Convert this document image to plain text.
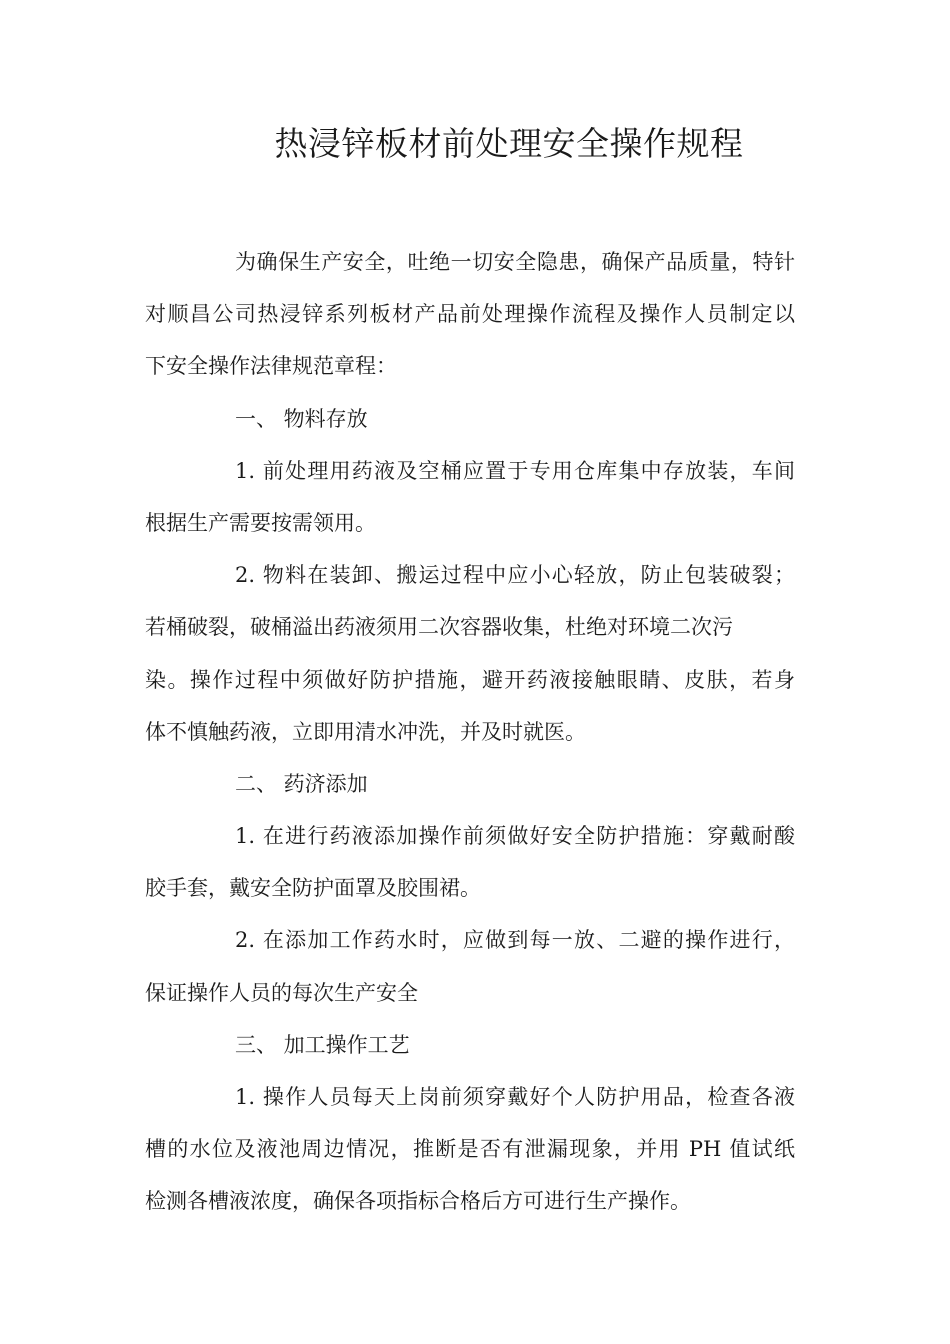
热浸锌板材前处理安全操作规程
为确保生产安全，吐绝一切安全隐患，确保产品质量，特针
对顺昌公司热浸锌系列板材产品前处理操作流程及操作人员制定以
下安全操作法律规范章程：
一、 物料存放
1. 前处理用药液及空桶应置于专用仓库集中存放装，车间
根据生产需要按需领用。
2. 物料在装卸、搬运过程中应小心轻放，防止包装破裂；
若桶破裂，破桶溢出药液须用二次容器收集，杜绝对环境二次污
染。操作过程中须做好防护措施，避开药液接触眼睛、皮肤，若身
体不慎触药液，立即用清水冲洗，并及时就医。
二、 药济添加
1. 在进行药液添加操作前须做好安全防护措施：穿戴耐酸
胶手套，戴安全防护面罩及胶围裙。
2. 在添加工作药水时，应做到每一放、二避的操作进行，
保证操作人员的每次生产安全
三、 加工操作工艺
1. 操作人员每天上岗前须穿戴好个人防护用品，检查各液
槽的水位及液池周边情况，推断是否有泄漏现象，并用 PH 值试纸
检测各槽液浓度，确保各项指标合格后方可进行生产操作。
